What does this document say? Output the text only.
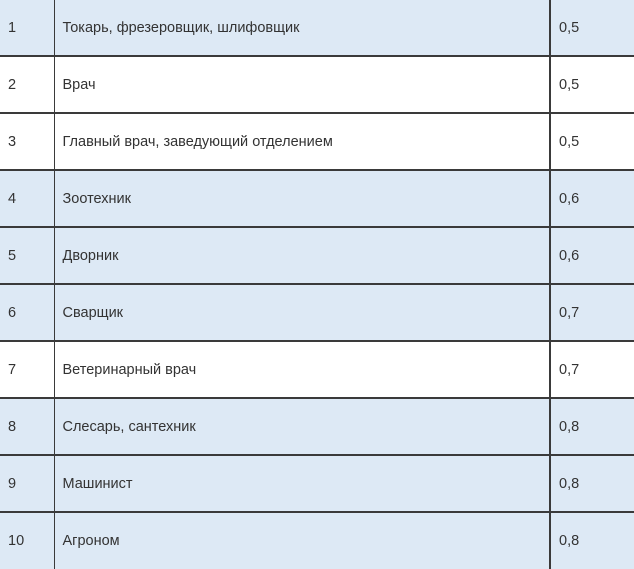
1	Токарь, фрезеровщик, шлифовщик	0,5
2	Врач	0,5
3	Главный врач, заведующий отделением	0,5
4	Зоотехник	0,6
5	Дворник	0,6
6	Сварщик	0,7
7	Ветеринарный врач	0,7
8	Слесарь, сантехник	0,8
9	Машинист	0,8
10	Агроном	0,8
